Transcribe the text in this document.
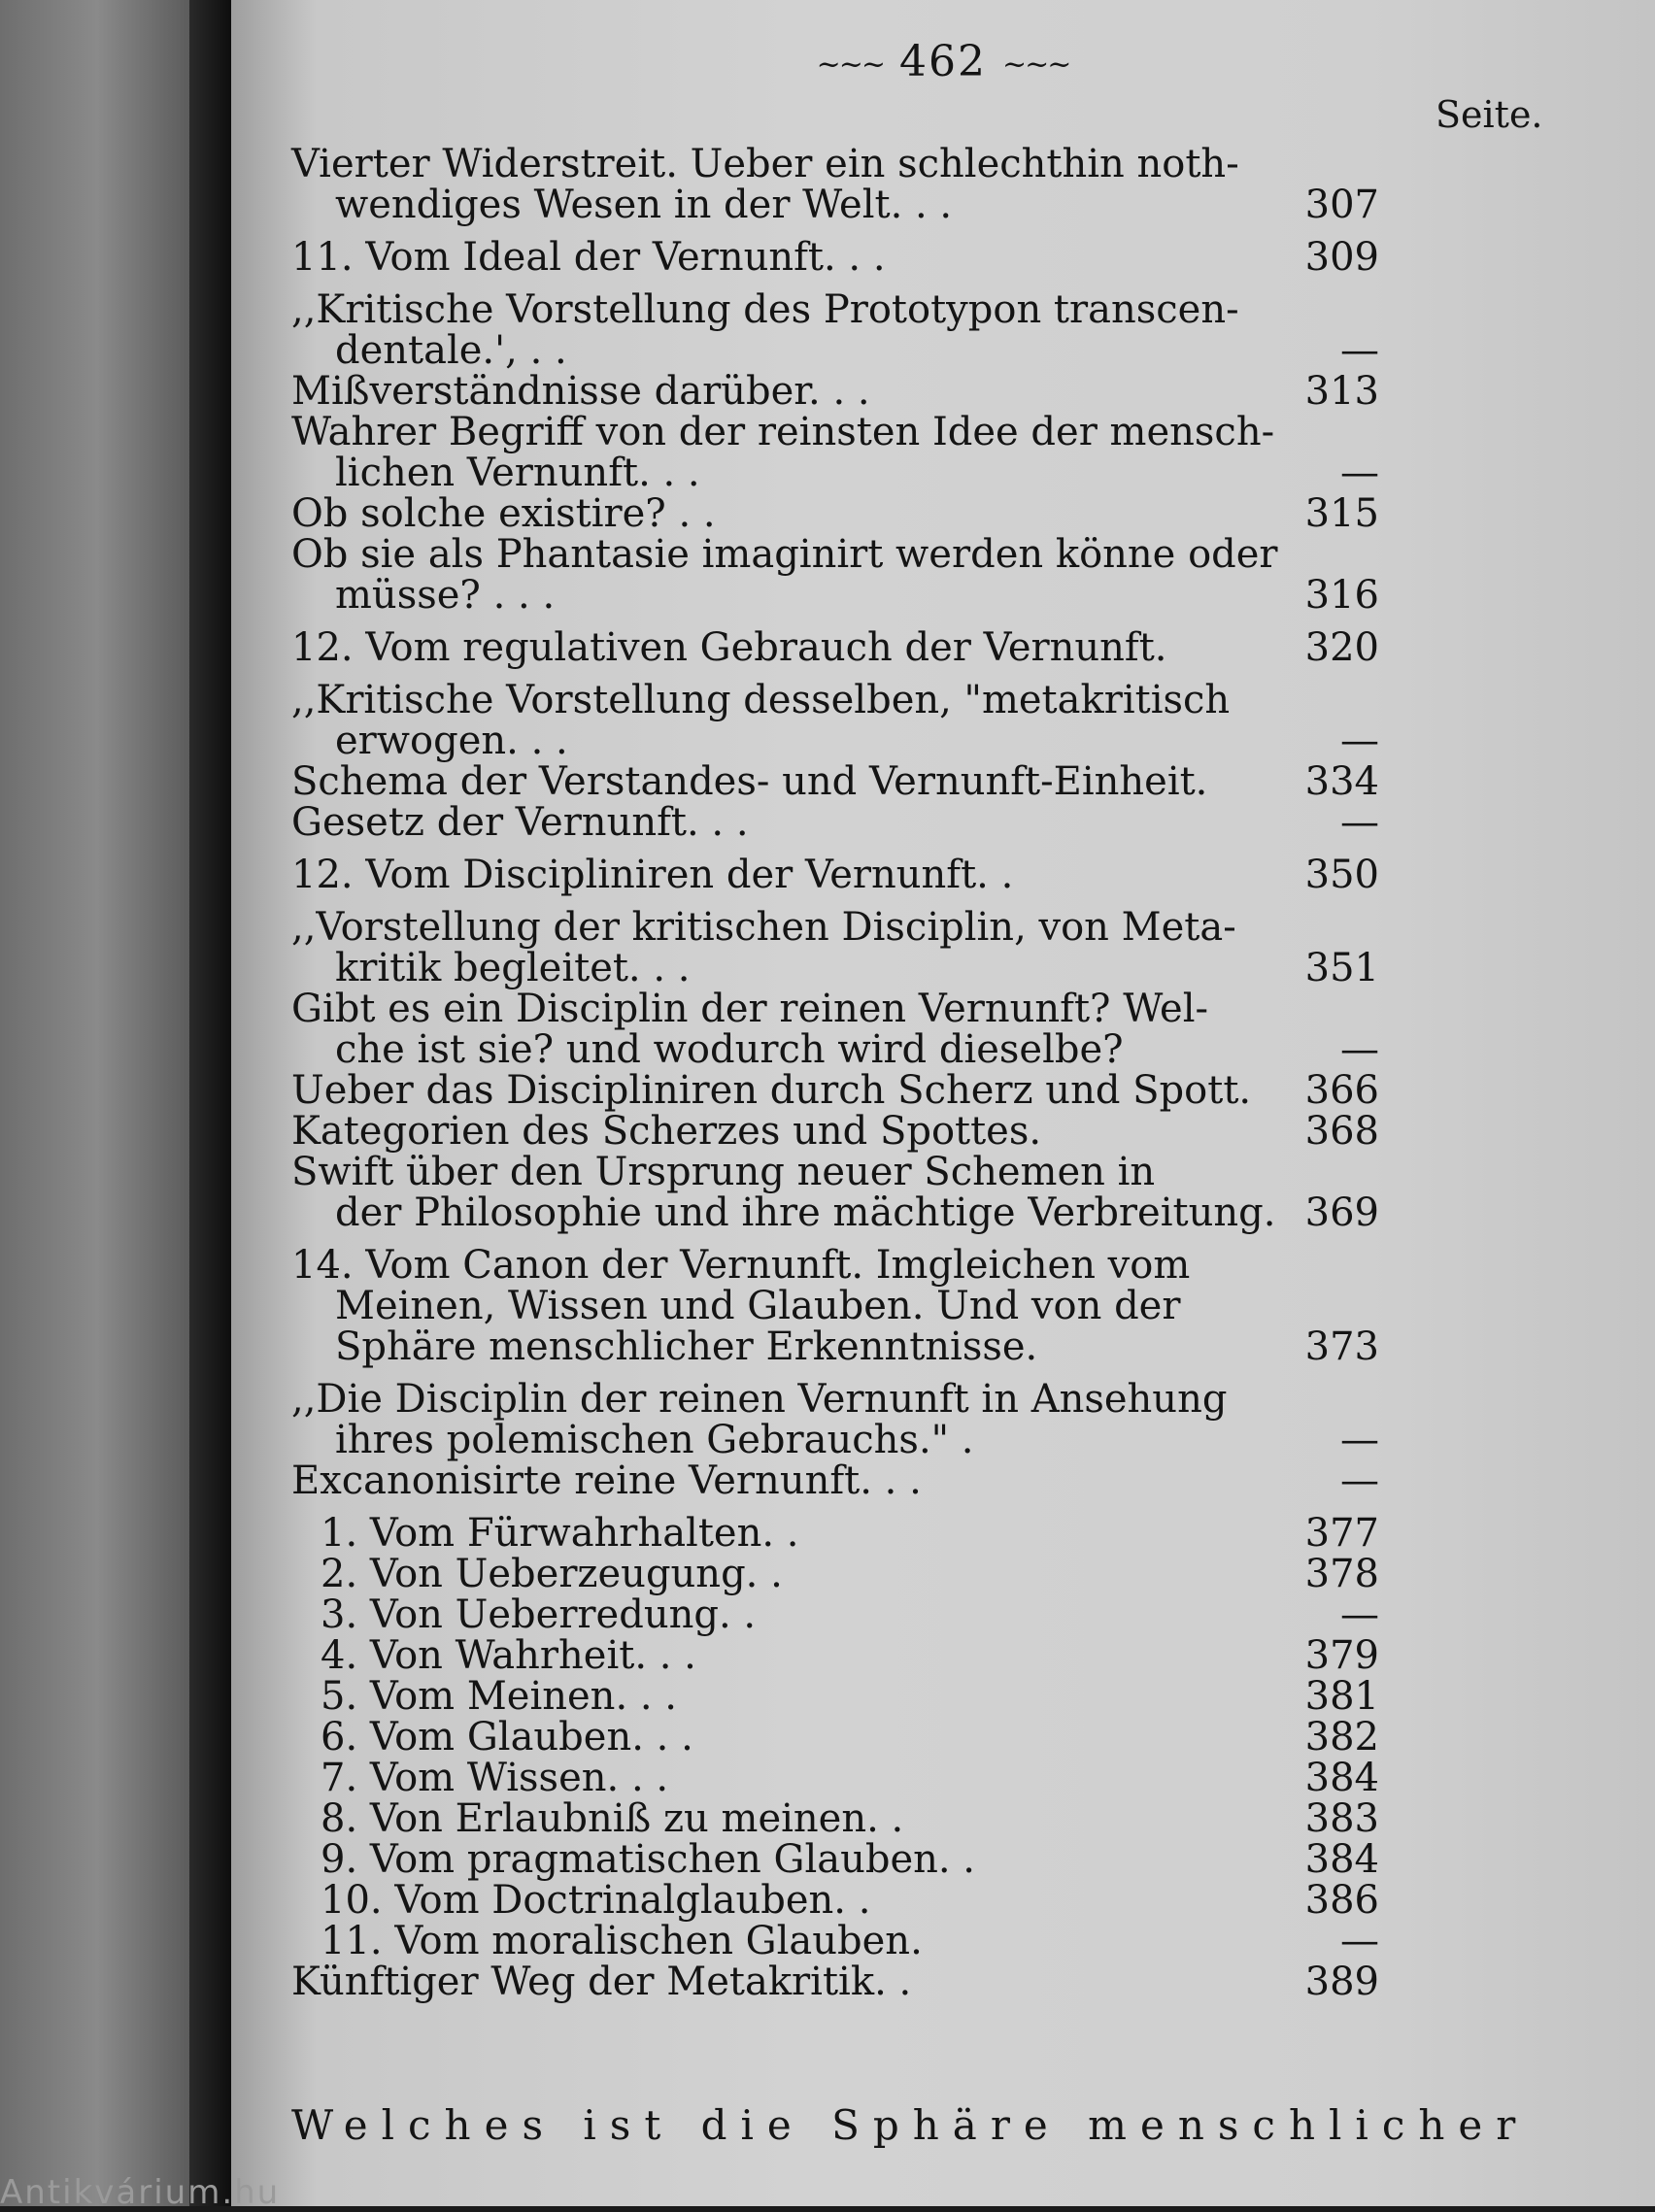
~~~ 462 ~~~
Seite.
Vierter Widerstreit. Ueber ein schlechthin noth-
wendiges Wesen in der Welt. . .	307
11. Vom Ideal der Vernunft. . .	309
,,Kritische Vorstellung des Prototypon transcen-
dentale.', . .	—
Mißverständnisse darüber. . .	313
Wahrer Begriff von der reinsten Idee der mensch-
lichen Vernunft. . .	—
Ob solche existire? . .	315
Ob sie als Phantasie imaginirt werden könne oder
müsse? . . .	316
12. Vom regulativen Gebrauch der Vernunft.	320
,,Kritische Vorstellung desselben, "metakritisch
erwogen. . .	—
Schema der Verstandes- und Vernunft-Einheit.	334
Gesetz der Vernunft. . .	—
12. Vom Discipliniren der Vernunft. .	350
,,Vorstellung der kritischen Disciplin, von Meta-
kritik begleitet. . .	351
Gibt es ein Disciplin der reinen Vernunft? Wel-
che ist sie? und wodurch wird dieselbe?	—
Ueber das Discipliniren durch Scherz und Spott.	366
Kategorien des Scherzes und Spottes.	368
Swift über den Ursprung neuer Schemen in
der Philosophie und ihre mächtige Verbreitung. 369
14. Vom Canon der Vernunft. Imgleichen vom
Meinen, Wissen und Glauben. Und von der
Sphäre menschlicher Erkenntnisse.	373
,,Die Disciplin der reinen Vernunft in Ansehung
ihres polemischen Gebrauchs." .	—
Excanonisirte reine Vernunft. . .	—
1. Vom Fürwahrhalten. .	377
2. Von Ueberzeugung. .	378
3. Von Ueberredung. .	—
4. Von Wahrheit. . .	379
5. Vom Meinen. . .	381
6. Vom Glauben. . .	382
7. Vom Wissen. . .	384
8. Von Erlaubniß zu meinen. .	383
9. Vom pragmatischen Glauben. .	384
10. Vom Doctrinalglauben. .	386
11. Vom moralischen Glauben.	—
Künftiger Weg der Metakritik. .	389
Welches ist die Sphäre menschlicher
Antikvárium.hu
